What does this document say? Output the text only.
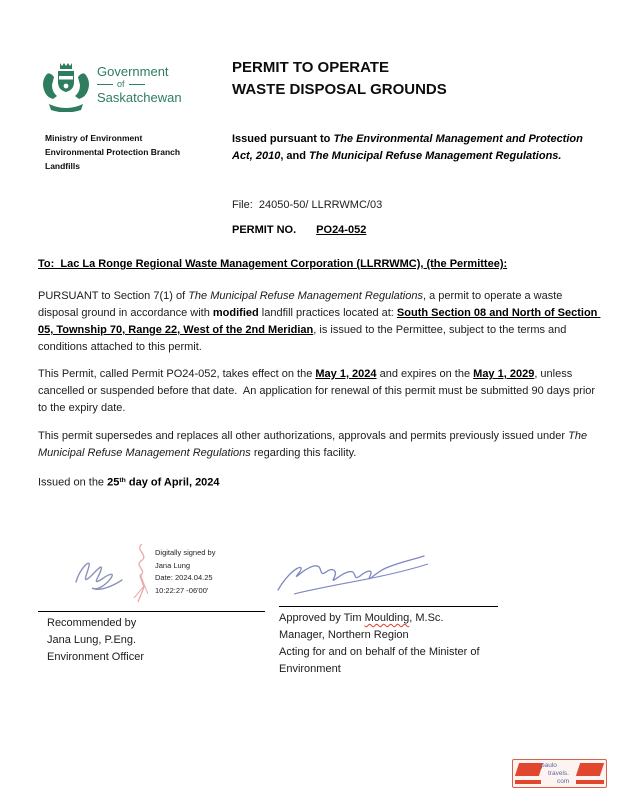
Government
of
Saskatchewan
PERMIT TO OPERATE
WASTE DISPOSAL GROUNDS
Ministry of Environment
Environmental Protection Branch
Landfills
Issued pursuant to The Environmental Management and Protection Act, 2010, and The Municipal Refuse Management Regulations.
File:  24050-50/ LLRRWMC/03
PERMIT NO. PO24-052
To:  Lac La Ronge Regional Waste Management Corporation (LLRRWMC), (the Permittee):
PURSUANT to Section 7(1) of The Municipal Refuse Management Regulations, a permit to operate a waste disposal ground in accordance with modified landfill practices located at: South Section 08 and North of Section 05, Township 70, Range 22, West of the 2nd Meridian, is issued to the Permittee, subject to the terms and conditions attached to this permit.
This Permit, called Permit PO24-052, takes effect on the May 1, 2024 and expires on the May 1, 2029, unless cancelled or suspended before that date.  An application for renewal of this permit must be submitted 90 days prior to the expiry date.
This permit supersedes and replaces all other authorizations, approvals and permits previously issued under The Municipal Refuse Management Regulations regarding this facility.
Issued on the 25th day of April, 2024
Digitally signed by
Jana Lung
Date: 2024.04.25
10:22:27 -06'00'
Recommended by
Jana Lung, P.Eng.
Environment Officer
Approved by Tim Moulding, M.Sc.
Manager, Northern Region
Acting for and on behalf of the Minister of Environment
paulo
travels.
com
